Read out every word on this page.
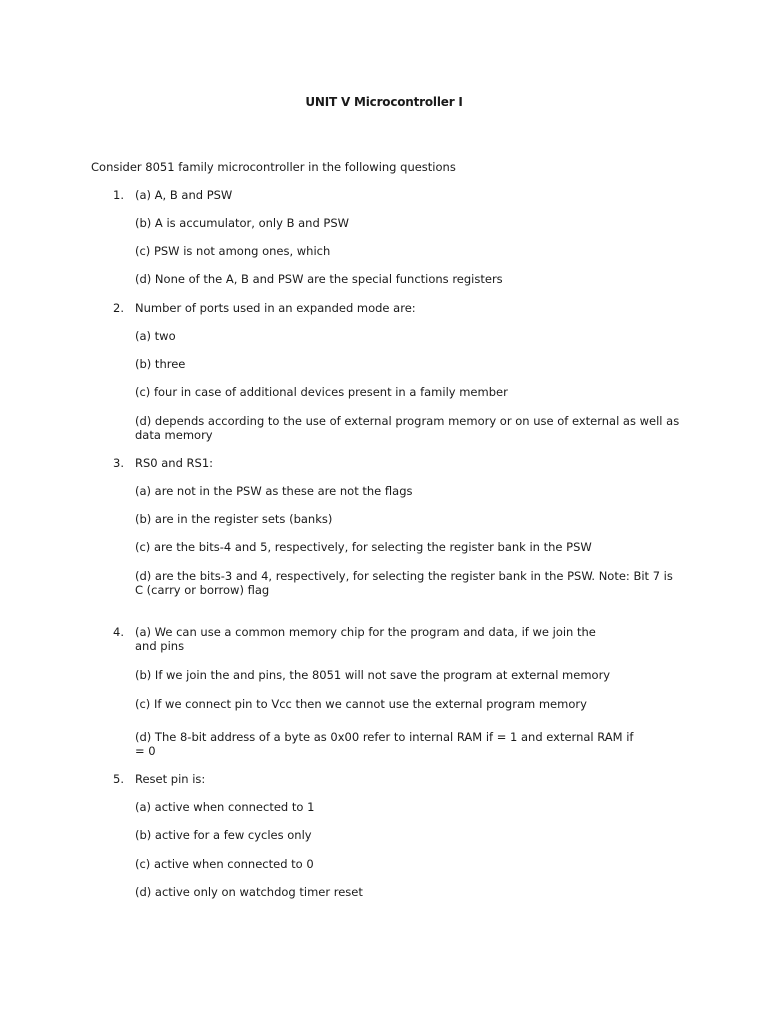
UNIT V Microcontroller I
Consider 8051 family microcontroller in the following questions
1. (a) A, B and PSW
(b) A is accumulator, only B and PSW
(c) PSW is not among ones, which
(d) None of the A, B and PSW are the special functions registers
2. Number of ports used in an expanded mode are:
(a) two
(b) three
(c) four in case of additional devices present in a family member
(d) depends according to the use of external program memory or on use of external as well as
data memory
3. RS0 and RS1:
(a) are not in the PSW as these are not the flags
(b) are in the register sets (banks)
(c) are the bits-4 and 5, respectively, for selecting the register bank in the PSW
(d) are the bits-3 and 4, respectively, for selecting the register bank in the PSW. Note: Bit 7 is
C (carry or borrow) flag
4. (a) We can use a common memory chip for the program and data, if we join the
and pins
(b) If we join the and pins, the 8051 will not save the program at external memory
(c) If we connect pin to Vcc then we cannot use the external program memory
(d) The 8-bit address of a byte as 0x00 refer to internal RAM if = 1 and external RAM if
= 0
5. Reset pin is:
(a) active when connected to 1
(b) active for a few cycles only
(c) active when connected to 0
(d) active only on watchdog timer reset
